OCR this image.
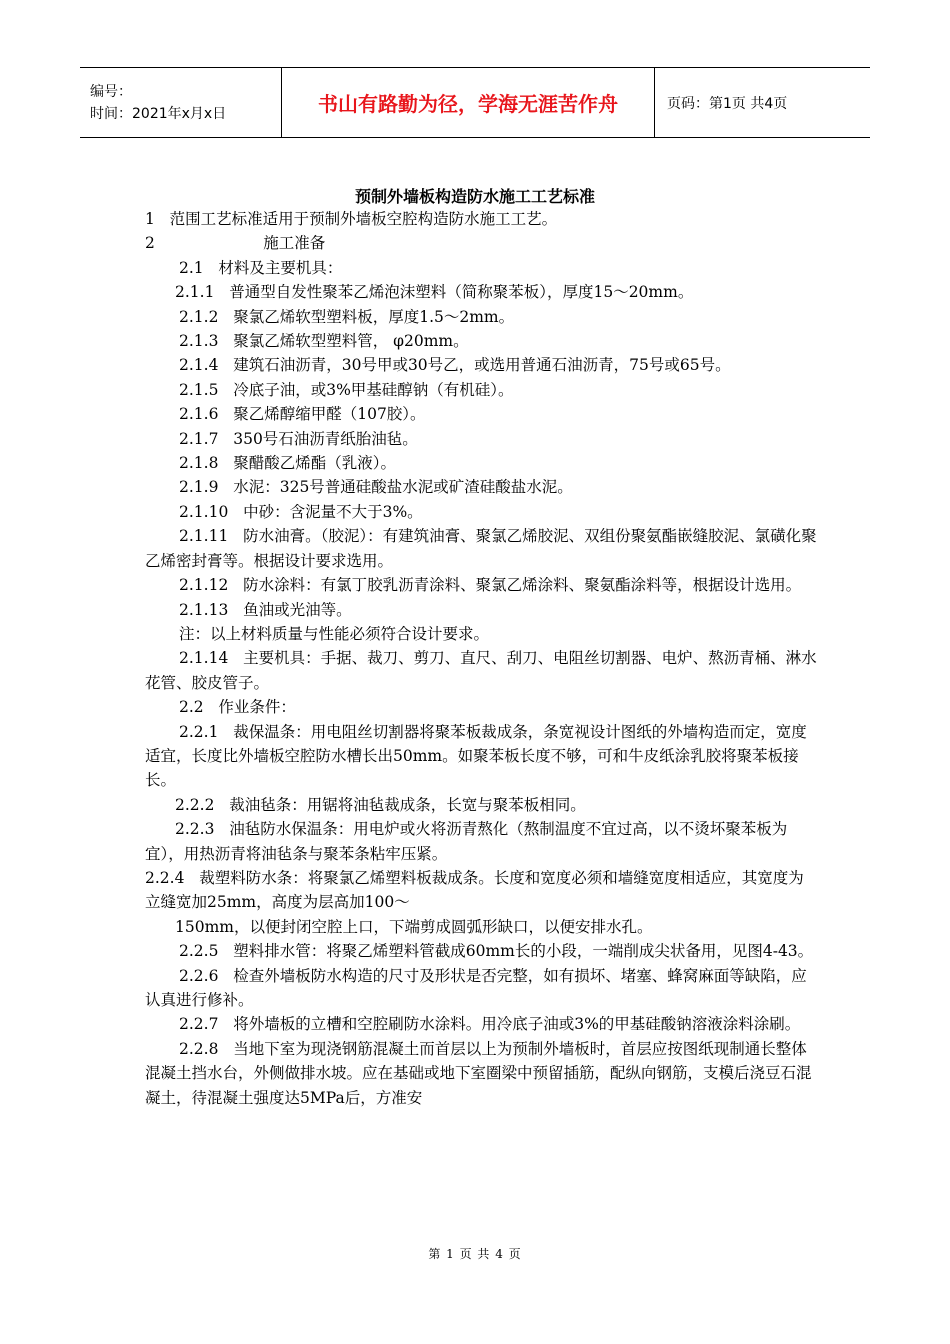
编号：
时间：2021年x月x日	书山有路勤为径，学海无涯苦作舟	页码：第1页 共4页
预制外墙板构造防水施工工艺标准

1   范围工艺标准适用于预制外墙板空腔构造防水施工工艺。

2                      施工准备

2.1   材料及主要机具：

2.1.1   普通型自发性聚苯乙烯泡沫塑料（简称聚苯板），厚度15～20mm。

2.1.2   聚氯乙烯软型塑料板，厚度1.5～2mm。

2.1.3   聚氯乙烯软型塑料管， φ20mm。

2.1.4   建筑石油沥青，30号甲或30号乙，或选用普通石油沥青，75号或65号。

2.1.5   冷底子油，或3%甲基硅醇钠（有机硅）。

2.1.6   聚乙烯醇缩甲醛（107胶）。

2.1.7   350号石油沥青纸胎油毡。

2.1.8   聚醋酸乙烯酯（乳液）。

2.1.9   水泥：325号普通硅酸盐水泥或矿渣硅酸盐水泥。

2.1.10   中砂：含泥量不大于3%。

2.1.11   防水油膏。（胶泥）：有建筑油膏、聚氯乙烯胶泥、双组份聚氨酯嵌缝胶泥、氯磺化聚乙烯密封膏等。根据设计要求选用。

2.1.12   防水涂料：有氯丁胶乳沥青涂料、聚氯乙烯涂料、聚氨酯涂料等，根据设计选用。

2.1.13   鱼油或光油等。

注：以上材料质量与性能必须符合设计要求。

2.1.14   主要机具：手据、裁刀、剪刀、直尺、刮刀、电阻丝切割器、电炉、熬沥青桶、淋水花管、胶皮管子。

2.2   作业条件：

2.2.1   裁保温条：用电阻丝切割器将聚苯板裁成条，条宽视设计图纸的外墙构造而定，宽度适宜，长度比外墙板空腔防水槽长出50mm。如聚苯板长度不够，可和牛皮纸涂乳胶将聚苯板接长。

2.2.2   裁油毡条：用锯将油毡裁成条，长宽与聚苯板相同。

2.2.3   油毡防水保温条：用电炉或火将沥青熬化（熬制温度不宜过高，以不烫坏聚苯板为宜），用热沥青将油毡条与聚苯条粘牢压紧。

2.2.4   裁塑料防水条：将聚氯乙烯塑料板裁成条。长度和宽度必须和墙缝宽度相适应，其宽度为立缝宽加25mm，高度为层高加100～

150mm，以便封闭空腔上口，下端剪成圆弧形缺口，以便安排水孔。

2.2.5   塑料排水管：将聚乙烯塑料管截成60mm长的小段，一端削成尖状备用，见图4-43。

2.2.6   检查外墙板防水构造的尺寸及形状是否完整，如有损坏、堵塞、蜂窝麻面等缺陷，应认真进行修补。

2.2.7   将外墙板的立槽和空腔刷防水涂料。用冷底子油或3%的甲基硅酸钠溶液涂料涂刷。

2.2.8   当地下室为现浇钢筋混凝土而首层以上为预制外墙板时，首层应按图纸现制通长整体混凝土挡水台，外侧做排水坡。应在基础或地下室圈梁中预留插筋，配纵向钢筋，支模后浇豆石混凝土，待混凝土强度达5MPa后，方准安

第 1 页 共 4 页
